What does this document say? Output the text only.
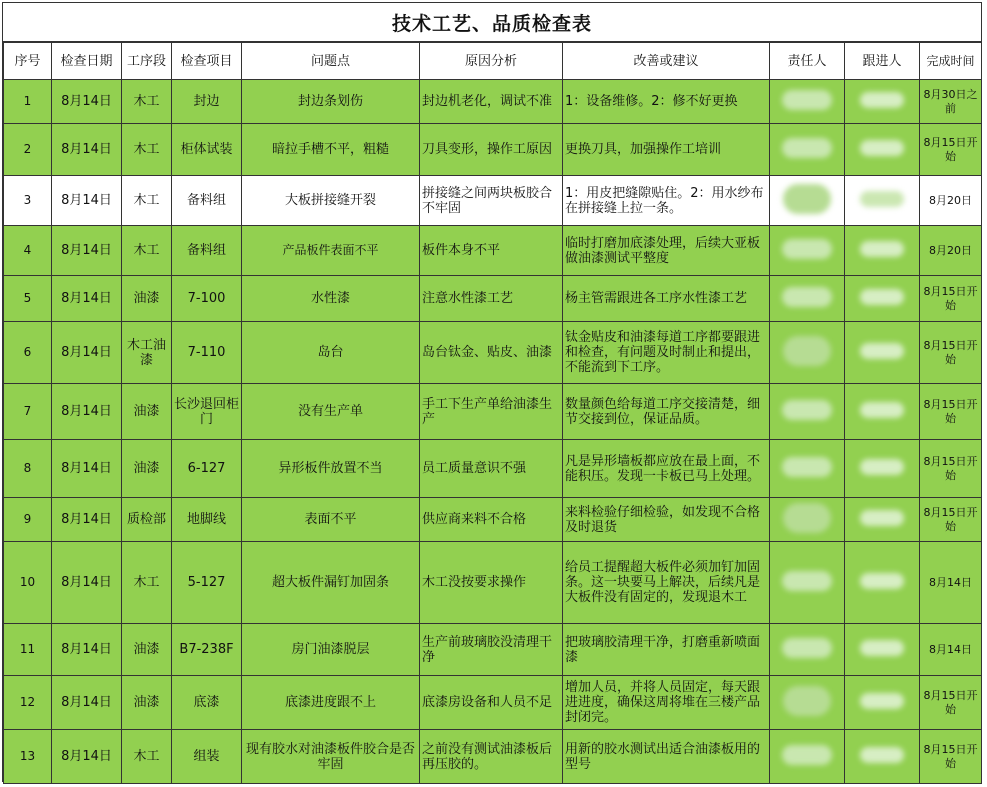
技术工艺、品质检查表
序号	检查日期	工序段	检查项目	问题点	原因分析	改善或建议	责任人	跟进人	完成时间
1	8月14日	木工	封边	封边条划伤	封边机老化，调试不准	1：设备维修。2：修不好更换			8月30日之前
2	8月14日	木工	柜体试装	暗拉手槽不平，粗糙	刀具变形，操作工原因	更换刀具，加强操作工培训			8月15日开始
3	8月14日	木工	备料组	大板拼接缝开裂	拼接缝之间两块板胶合不牢固	1：用皮把缝隙贴住。2：用水纱布在拼接缝上拉一条。			8月20日
4	8月14日	木工	备料组	产品板件表面不平	板件本身不平	临时打磨加底漆处理，后续大亚板做油漆测试平整度			8月20日
5	8月14日	油漆	7-100	水性漆	注意水性漆工艺	杨主管需跟进各工序水性漆工艺			8月15日开始
6	8月14日	木工油漆	7-110	岛台	岛台钛金、贴皮、油漆	钛金贴皮和油漆每道工序都要跟进和检查，有问题及时制止和提出，不能流到下工序。			8月15日开始
7	8月14日	油漆	长沙退回柜门	没有生产单	手工下生产单给油漆生产	数量颜色给每道工序交接清楚，细节交接到位，保证品质。			8月15日开始
8	8月14日	油漆	6-127	异形板件放置不当	员工质量意识不强	凡是异形墙板都应放在最上面，不能积压。发现一卡板已马上处理。			8月15日开始
9	8月14日	质检部	地脚线	表面不平	供应商来料不合格	来料检验仔细检验，如发现不合格及时退货			8月15日开始
10	8月14日	木工	5-127	超大板件漏钉加固条	木工没按要求操作	给员工提醒超大板件必须加钉加固条。这一块要马上解决，后续凡是大板件没有固定的，发现退木工			8月14日
11	8月14日	油漆	B7-238F	房门油漆脱层	生产前玻璃胶没清理干净	把玻璃胶清理干净，打磨重新喷面漆			8月14日
12	8月14日	油漆	底漆	底漆进度跟不上	底漆房设备和人员不足	增加人员，并将人员固定，每天跟进进度，确保这周将堆在三楼产品封闭完。			8月15日开始
13	8月14日	木工	组装	现有胶水对油漆板件胶合是否牢固	之前没有测试油漆板后再压胶的。	用新的胶水测试出适合油漆板用的型号			8月15日开始
